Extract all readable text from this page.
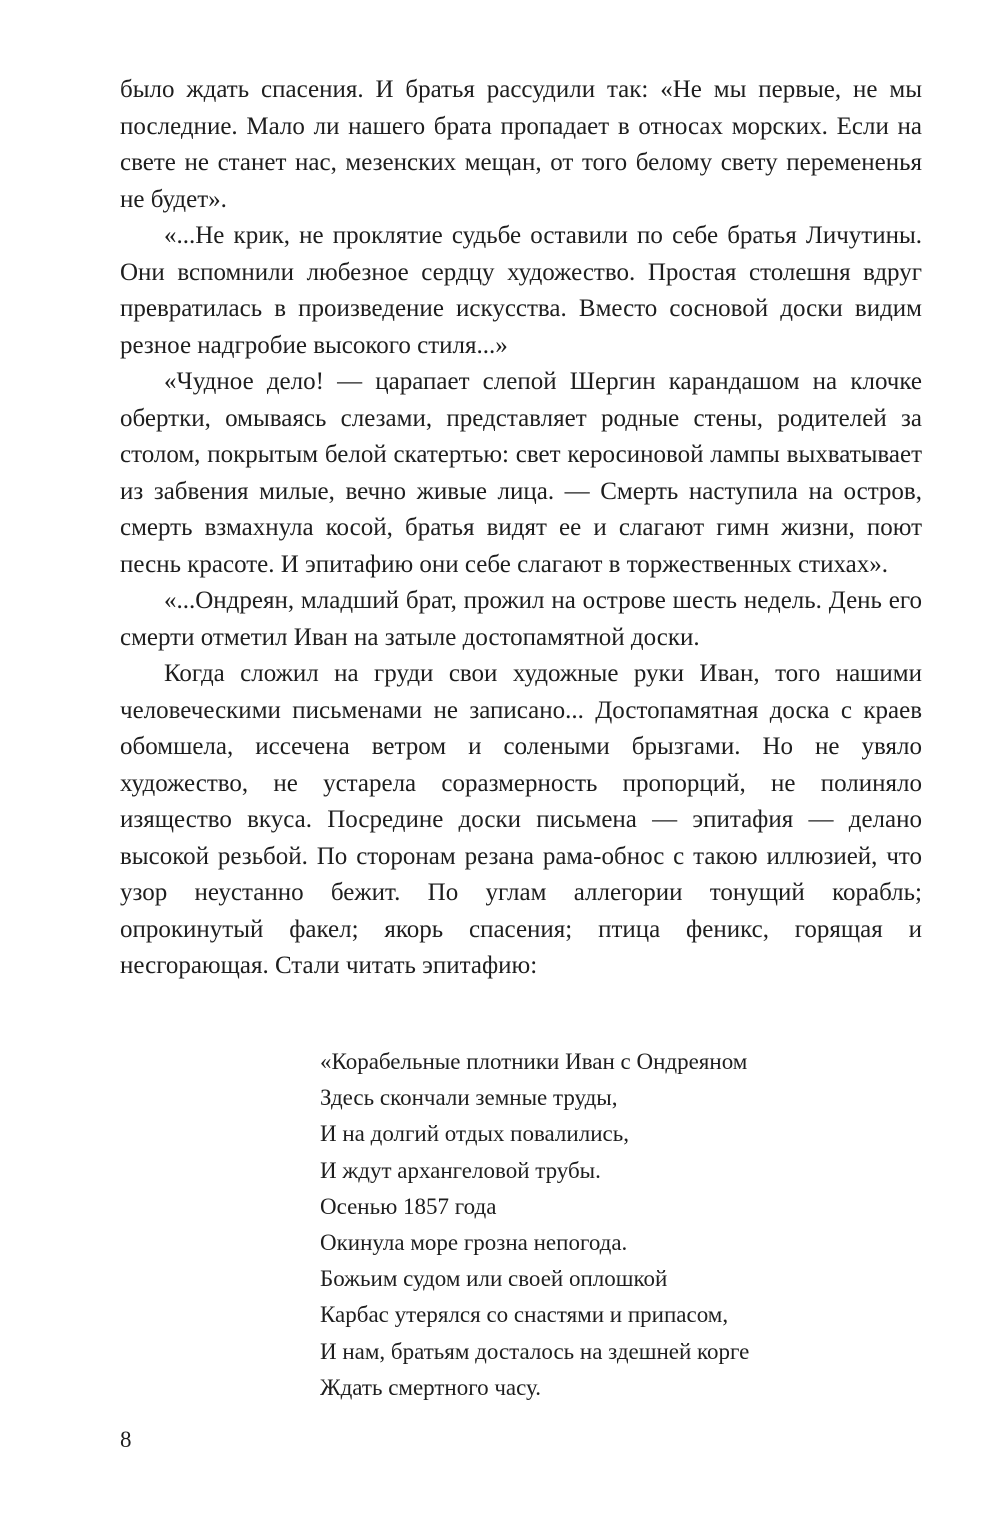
было ждать спасения. И братья рассудили так: «Не мы первые, не мы последние. Мало ли нашего брата пропадает в относах морских. Если на свете не станет нас, мезенских мещан, от того белому свету перемененья не будет».

«...Не крик, не проклятие судьбе оставили по себе братья Личутины. Они вспомнили любезное сердцу художество. Простая столешня вдруг превратилась в произведение искусства. Вместо сосновой доски видим резное надгробие высокого стиля...»

«Чудное дело! — царапает слепой Шергин карандашом на клочке обертки, омываясь слезами, представляет родные стены, родителей за столом, покрытым белой скатертью: свет керосиновой лампы выхватывает из забвения милые, вечно живые лица. — Смерть наступила на остров, смерть взмахнула косой, братья видят ее и слагают гимн жизни, поют песнь красоте. И эпитафию они себе слагают в торжественных стихах».

«...Ондреян, младший брат, прожил на острове шесть недель. День его смерти отметил Иван на затыле достопамятной доски.

Когда сложил на груди свои художные руки Иван, того нашими человеческими письменами не записано... Достопамятная доска с краев обомшела, иссечена ветром и солеными брызгами. Но не увяло художество, не устарела соразмерность пропорций, не полиняло изящество вкуса. Посредине доски письмена — эпитафия — делано высокой резьбой. По сторонам резана рама-обнос с такою иллюзией, что узор неустанно бежит. По углам аллегории тонущий корабль; опрокинутый факел; якорь спасения; птица феникс, горящая и несгорающая. Стали читать эпитафию:

«Корабельные плотники Иван с Ондреяном
Здесь скончали земные труды,
И на долгий отдых повалились,
И ждут архангеловой трубы.
Осенью 1857 года
Окинула море грозна непогода.
Божьим судом или своей оплошкой
Карбас утерялся со снастями и припасом,
И нам, братьям досталось на здешней корге
Ждать смертного часу.
8
